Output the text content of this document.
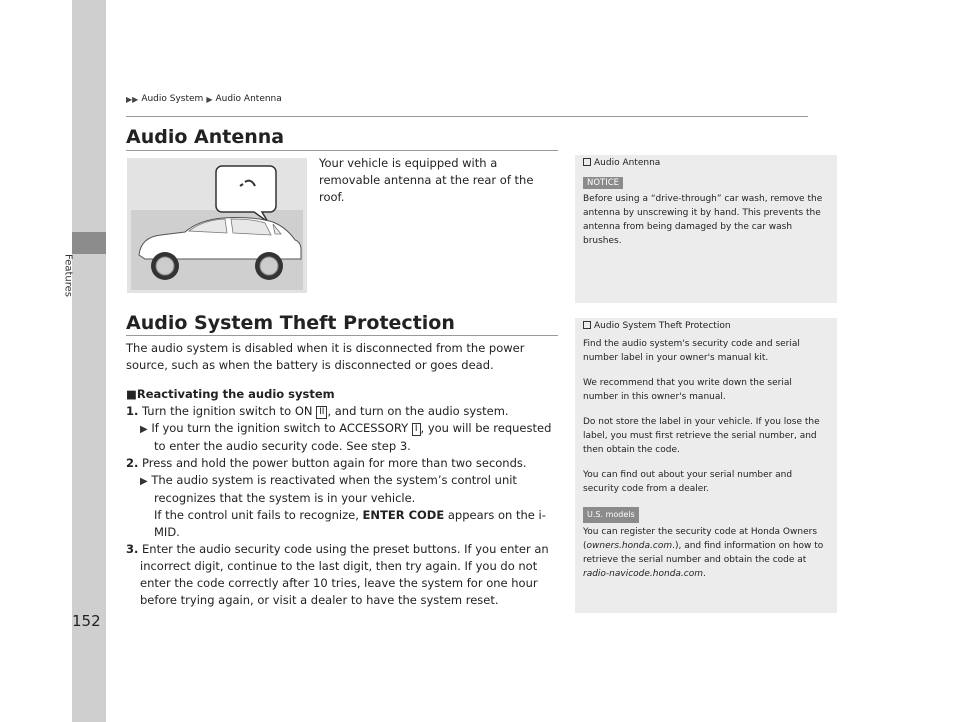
Features
▶▶ Audio System ▶ Audio Antenna
Audio Antenna
Your vehicle is equipped with a removable antenna at the rear of the roof.
Audio System Theft Protection

The audio system is disabled when it is disconnected from the power source, such as when the battery is disconnected or goes dead.

■Reactivating the audio system

1. Turn the ignition switch to ON II , and turn on the audio system.

▶ If you turn the ignition switch to ACCESSORY I , you will be requested to enter the audio security code. See step 3.

2. Press and hold the power button again for more than two seconds.

▶ The audio system is reactivated when the system’s control unit recognizes that the system is in your vehicle.

If the control unit fails to recognize, ENTER CODE appears on the i-MID.

3. Enter the audio security code using the preset buttons. If you enter an incorrect digit, continue to the last digit, then try again. If you do not enter the code correctly after 10 tries, leave the system for one hour before trying again, or visit a dealer to have the system reset.

Audio Antenna
NOTICE

Before using a “drive-through” car wash, remove the antenna by unscrewing it by hand. This prevents the antenna from being damaged by the car wash brushes.

Audio System Theft Protection

Find the audio system's security code and serial number label in your owner's manual kit.

We recommend that you write down the serial number in this owner's manual.

Do not store the label in your vehicle. If you lose the label, you must first retrieve the serial number, and then obtain the code.

You can find out about your serial number and security code from a dealer.

U.S. models

You can register the security code at Honda Owners (owners.honda.com.), and find information on how to retrieve the serial number and obtain the code at radio-navicode.honda.com.

152
